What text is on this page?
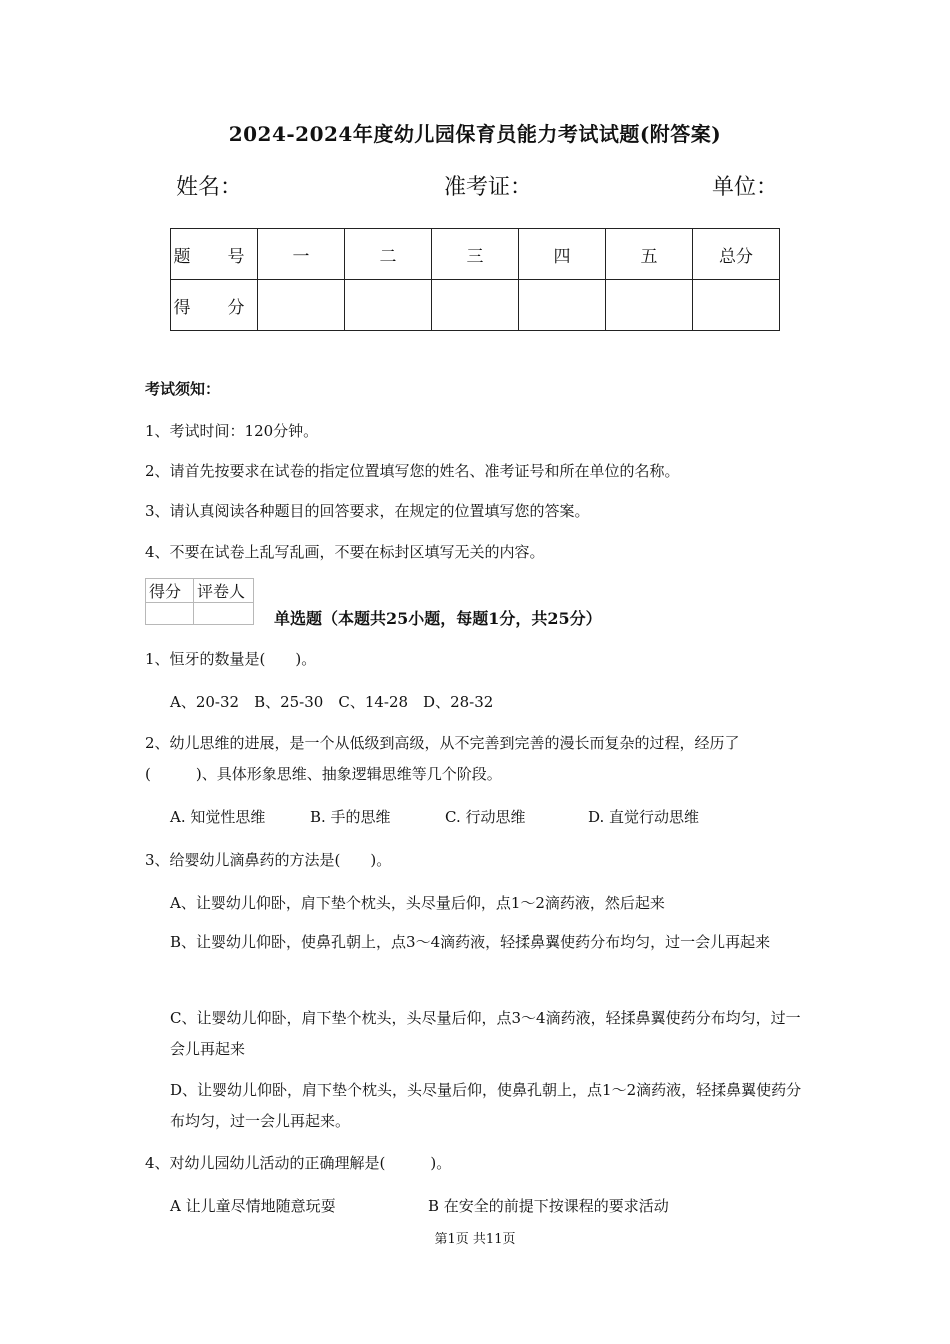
2024-2024年度幼儿园保育员能力考试试题(附答案)
姓名：	准考证：	单位：
题　号	一	二	三	四	五	总分
得　分						
考试须知：
1、考试时间：120分钟。
2、请首先按要求在试卷的指定位置填写您的姓名、准考证号和所在单位的名称。
3、请认真阅读各种题目的回答要求，在规定的位置填写您的答案。
4、不要在试卷上乱写乱画，不要在标封区填写无关的内容。
得分	评卷人

单选题（本题共25小题，每题1分，共25分）
1、恒牙的数量是(　　)。
A、20-32　B、25-30　C、14-28　D、28-32
2、幼儿思维的进展，是一个从低级到高级，从不完善到完善的漫长而复杂的过程，经历了(　　　)、具体形象思维、抽象逻辑思维等几个阶段。
A. 知觉性思维	B. 手的思维	C. 行动思维	D. 直觉行动思维
3、给婴幼儿滴鼻药的方法是(　　)。
A、让婴幼儿仰卧，肩下垫个枕头，头尽量后仰，点1～2滴药液，然后起来
B、让婴幼儿仰卧，使鼻孔朝上，点3～4滴药液，轻揉鼻翼使药分布均匀，过一会儿再起来
C、让婴幼儿仰卧，肩下垫个枕头，头尽量后仰，点3～4滴药液，轻揉鼻翼使药分布均匀，过一会儿再起来
D、让婴幼儿仰卧，肩下垫个枕头，头尽量后仰，使鼻孔朝上，点1～2滴药液，轻揉鼻翼使药分布均匀，过一会儿再起来。
4、对幼儿园幼儿活动的正确理解是(　　　)。
A 让儿童尽情地随意玩耍	B 在安全的前提下按课程的要求活动
第1页 共11页
